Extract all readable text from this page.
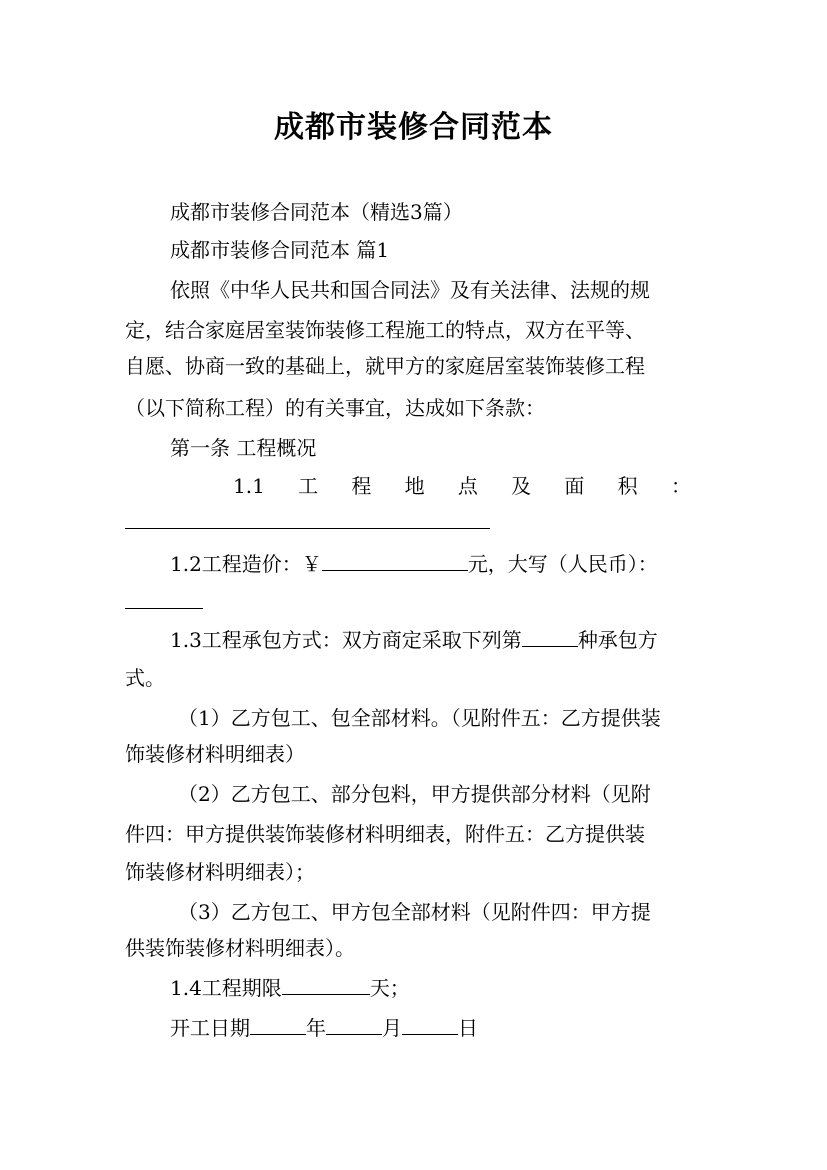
成都市装修合同范本
成都市装修合同范本（精选3篇）
成都市装修合同范本 篇1
依照《中华人民共和国合同法》及有关法律、法规的规
定，结合家庭居室装饰装修工程施工的特点，双方在平等、
自愿、协商一致的基础上，就甲方的家庭居室装饰装修工程
（以下简称工程）的有关事宜，达成如下条款：
第一条 工程概况
1.1 工 程 地 点 及 面 积 ：
1.2工程造价：￥	元，大写（人民币）：
1.3工程承包方式：双方商定采取下列第	种承包方
式。
（1）乙方包工、包全部材料。（见附件五：乙方提供装
饰装修材料明细表）
（2）乙方包工、部分包料，甲方提供部分材料（见附
件四：甲方提供装饰装修材料明细表，附件五：乙方提供装
饰装修材料明细表）；
（3）乙方包工、甲方包全部材料（见附件四：甲方提
供装饰装修材料明细表）。
1.4工程期限	天；
开工日期	年	月	日
